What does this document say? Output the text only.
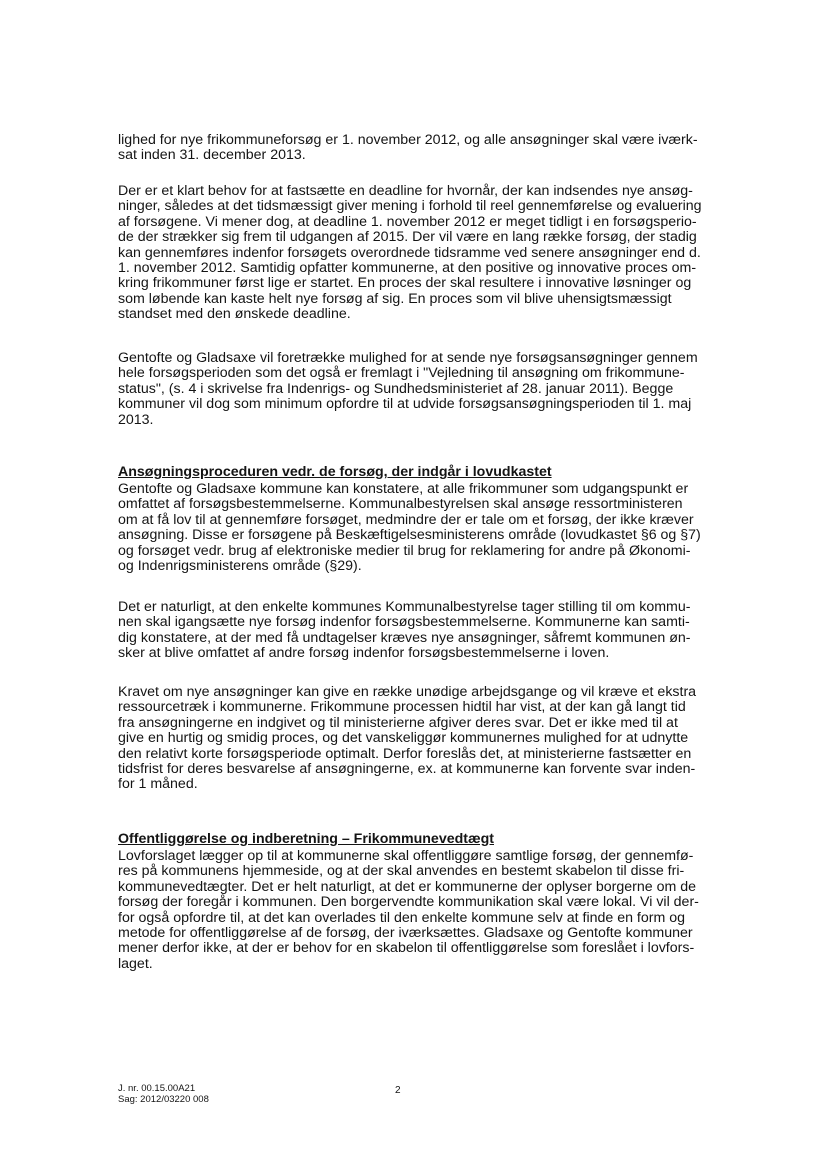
lighed for nye frikommuneforsøg er 1. november 2012, og alle ansøgninger skal være iværk-
sat inden 31. december 2013.
Der er et klart behov for at fastsætte en deadline for hvornår, der kan indsendes nye ansøg-
ninger, således at det tidsmæssigt giver mening i forhold til reel gennemførelse og evaluering
af forsøgene. Vi mener dog, at deadline 1. november 2012 er meget tidligt i en forsøgsperio-
de der strækker sig frem til udgangen af 2015. Der vil være en lang række forsøg, der stadig
kan gennemføres indenfor forsøgets overordnede tidsramme ved senere ansøgninger end d.
1. november 2012. Samtidig opfatter kommunerne, at den positive og innovative proces om-
kring frikommuner først lige er startet. En proces der skal resultere i innovative løsninger og
som løbende kan kaste helt nye forsøg af sig. En proces som vil blive uhensigtsmæssigt
standset med den ønskede deadline.
Gentofte og Gladsaxe vil foretrække mulighed for at sende nye forsøgsansøgninger gennem
hele forsøgsperioden som det også er fremlagt i "Vejledning til ansøgning om frikommune-
status", (s. 4 i skrivelse fra Indenrigs- og Sundhedsministeriet af 28. januar 2011). Begge
kommuner vil dog som minimum opfordre til at udvide forsøgsansøgningsperioden til 1. maj
2013.
Ansøgningsproceduren vedr. de forsøg, der indgår i lovudkastet
Gentofte og Gladsaxe kommune kan konstatere, at alle frikommuner som udgangspunkt er
omfattet af forsøgsbestemmelserne. Kommunalbestyrelsen skal ansøge ressortministeren
om at få lov til at gennemføre forsøget, medmindre der er tale om et forsøg, der ikke kræver
ansøgning. Disse er forsøgene på Beskæftigelsesministerens område (lovudkastet §6 og §7)
og forsøget vedr. brug af elektroniske medier til brug for reklamering for andre på Økonomi-
og Indenrigsministerens område (§29).
Det er naturligt, at den enkelte kommunes Kommunalbestyrelse tager stilling til om kommu-
nen skal igangsætte nye forsøg indenfor forsøgsbestemmelserne. Kommunerne kan samti-
dig konstatere, at der med få undtagelser kræves nye ansøgninger, såfremt kommunen øn-
sker at blive omfattet af andre forsøg indenfor forsøgsbestemmelserne i loven.
Kravet om nye ansøgninger kan give en række unødige arbejdsgange og vil kræve et ekstra
ressourcetræk i kommunerne. Frikommune processen hidtil har vist, at der kan gå langt tid
fra ansøgningerne en indgivet og til ministerierne afgiver deres svar. Det er ikke med til at
give en hurtig og smidig proces, og det vanskeliggør kommunernes mulighed for at udnytte
den relativt korte forsøgsperiode optimalt. Derfor foreslås det, at ministerierne fastsætter en
tidsfrist for deres besvarelse af ansøgningerne, ex. at kommunerne kan forvente svar inden-
for 1 måned.
Offentliggørelse og indberetning – Frikommunevedtægt
Lovforslaget lægger op til at kommunerne skal offentliggøre samtlige forsøg, der gennemfø-
res på kommunens hjemmeside, og at der skal anvendes en bestemt skabelon til disse fri-
kommunevedtægter. Det er helt naturligt, at det er kommunerne der oplyser borgerne om de
forsøg der foregår i kommunen. Den borgervendte kommunikation skal være lokal. Vi vil der-
for også opfordre til, at det kan overlades til den enkelte kommune selv at finde en form og
metode for offentliggørelse af de forsøg, der iværksættes. Gladsaxe og Gentofte kommuner
mener derfor ikke, at der er behov for en skabelon til offentliggørelse som foreslået i lovfors-
laget.
J. nr. 00.15.00A21
Sag: 2012/03220 008
2
